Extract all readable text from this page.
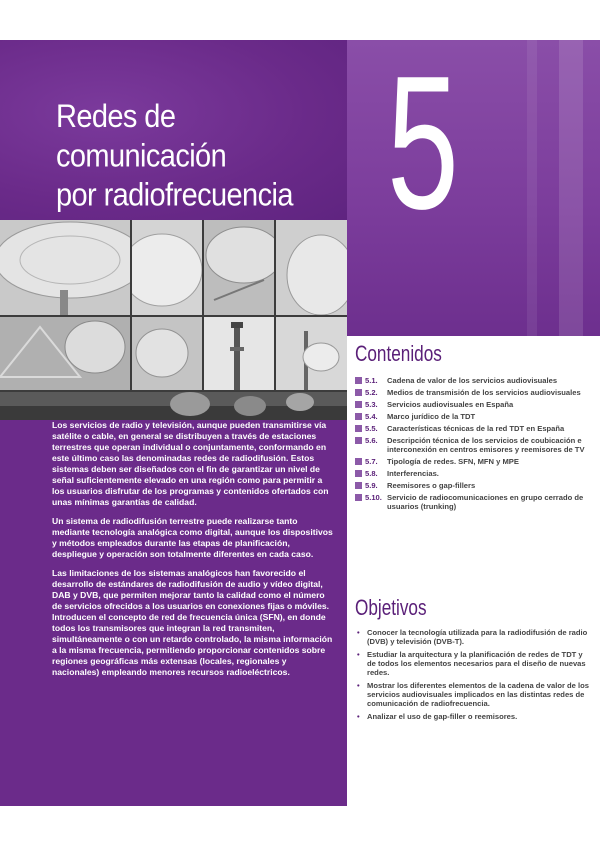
Redes de comunicación
por radiofrecuencia

Los servicios de radio y televisión, aunque pueden transmitirse vía satélite o cable, en general se distribuyen a través de estaciones terrestres que operan individual o conjuntamente, conformando en este último caso las denominadas redes de radiodifusión. Estos sistemas deben ser diseñados con el fin de garantizar un nivel de señal suficientemente elevado en una región como para permitir a los usuarios disfrutar de los programas y contenidos ofertados con unas mínimas garantías de calidad.

Un sistema de radiodifusión terrestre puede realizarse tanto mediante tecnología analógica como digital, aunque los dispositivos y métodos empleados durante las etapas de planificación, despliegue y operación son totalmente diferentes en cada caso.

Las limitaciones de los sistemas analógicos han favorecido el desarrollo de estándares de radiodifusión de audio y vídeo digital, DAB y DVB, que permiten mejorar tanto la calidad como el número de servicios ofrecidos a los usuarios en conexiones fijas o móviles. Introducen el concepto de red de frecuencia única (SFN), en donde todos los transmisores que integran la red transmiten, simultáneamente o con un retardo controlado, la misma información a la misma frecuencia, permitiendo proporcionar contenidos sobre regiones geográficas más extensas (locales, regionales y nacionales) empleando menores recursos radioeléctricos.

5
Contenidos
5.1. Cadena de valor de los servicios audiovisuales
5.2. Medios de transmisión de los servicios audiovisuales
5.3. Servicios audiovisuales en España
5.4. Marco jurídico de la TDT
5.5. Características técnicas de la red TDT en España
5.6. Descripción técnica de los servicios de coubicación e interconexión en centros emisores y reemisores de TV
5.7. Tipología de redes. SFN, MFN y MPE
5.8. Interferencias.
5.9. Reemisores o gap-fillers
5.10. Servicio de radiocomunicaciones en grupo cerrado de usuarios (trunking)
Objetivos
• Conocer la tecnología utilizada para la radiodifusión de radio (DVB) y televisión (DVB-T).
• Estudiar la arquitectura y la planificación de redes de TDT y de todos los elementos necesarios para el diseño de nuevas redes.
• Mostrar los diferentes elementos de la cadena de valor de los servicios audiovisuales implicados en las distintas redes de comunicación de radiofrecuencia.
• Analizar el uso de gap-filler o reemisores.
